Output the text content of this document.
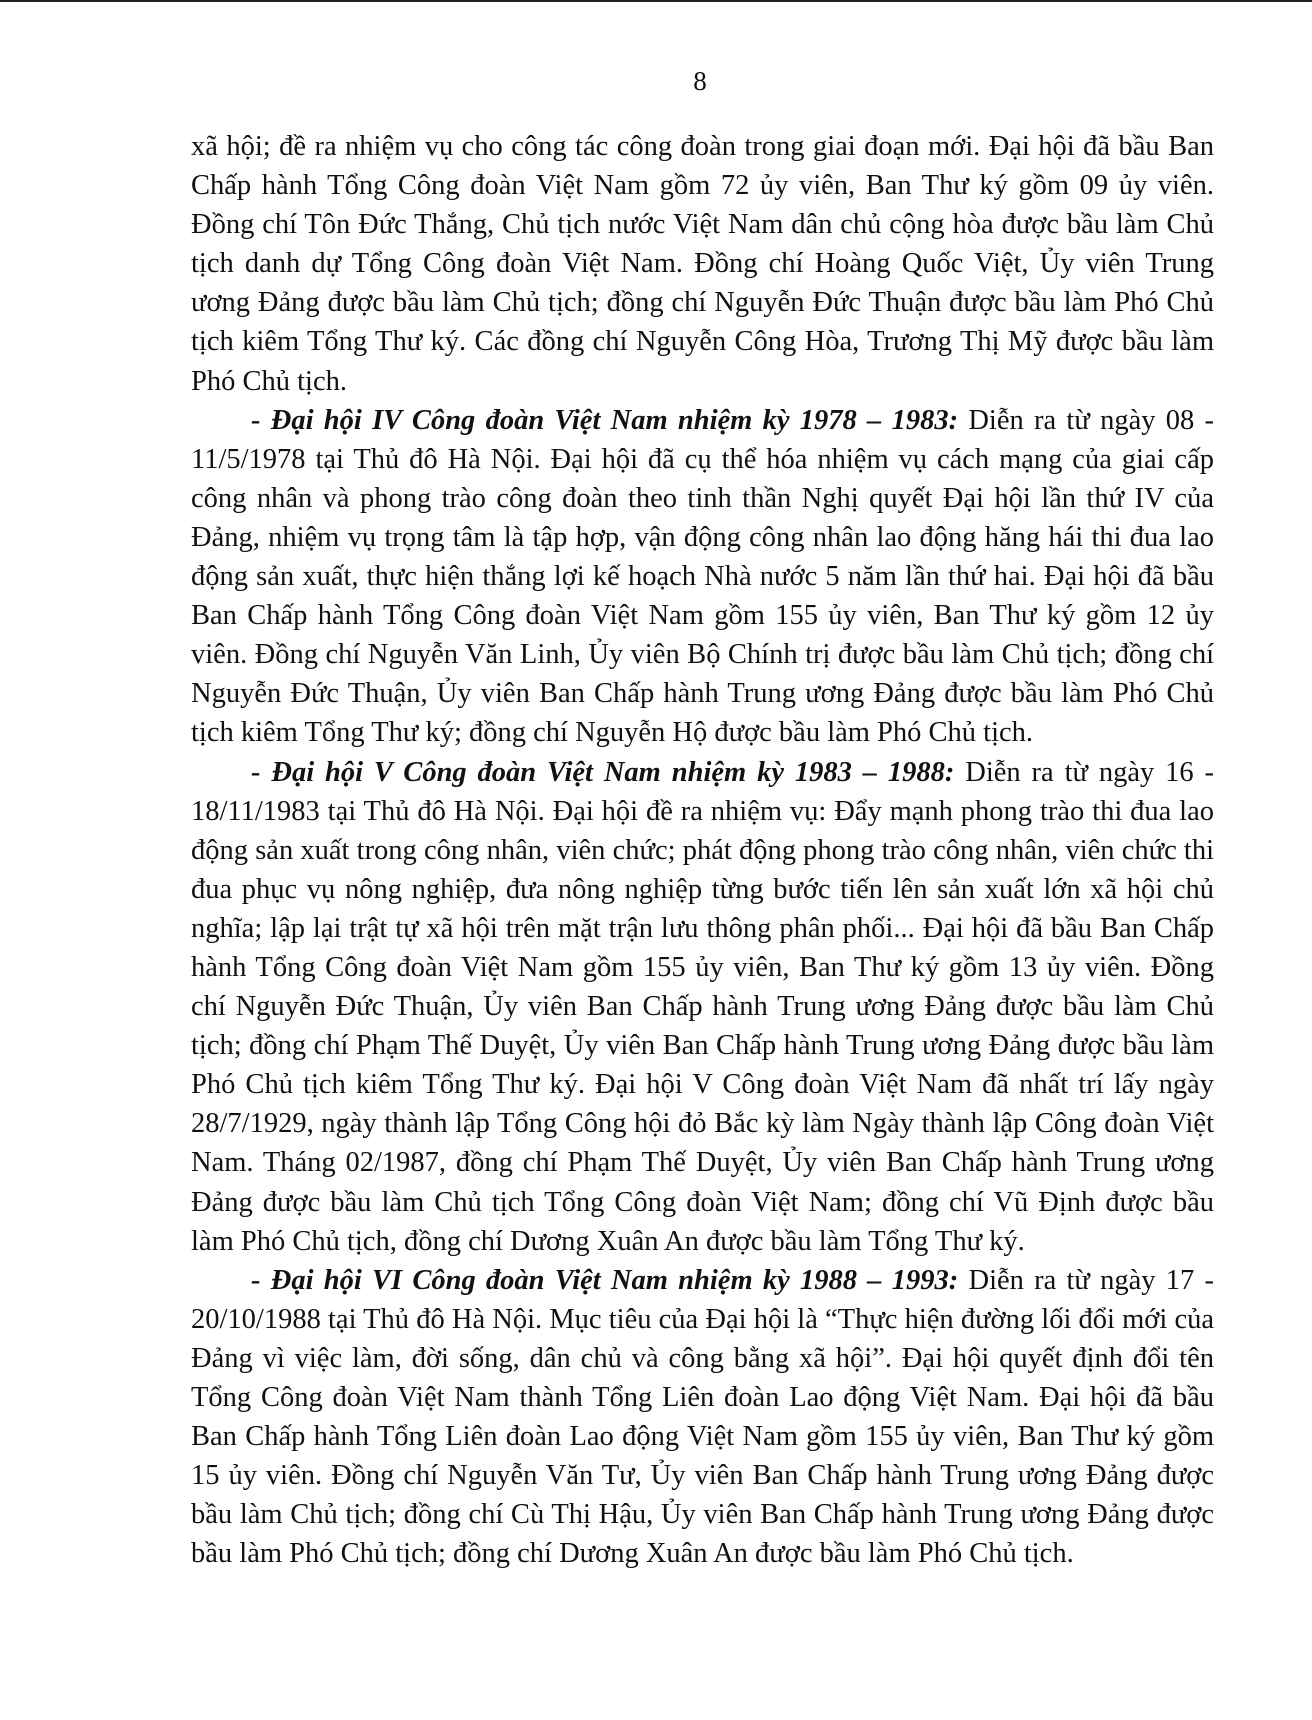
8

xã hội; đề ra nhiệm vụ cho công tác công đoàn trong giai đoạn mới. Đại hội đã bầu Ban Chấp hành Tổng Công đoàn Việt Nam gồm 72 ủy viên, Ban Thư ký gồm 09 ủy viên. Đồng chí Tôn Đức Thắng, Chủ tịch nước Việt Nam dân chủ cộng hòa được bầu làm Chủ tịch danh dự Tổng Công đoàn Việt Nam. Đồng chí Hoàng Quốc Việt, Ủy viên Trung ương Đảng được bầu làm Chủ tịch; đồng chí Nguyễn Đức Thuận được bầu làm Phó Chủ tịch kiêm Tổng Thư ký. Các đồng chí Nguyễn Công Hòa, Trương Thị Mỹ được bầu làm Phó Chủ tịch.

- Đại hội IV Công đoàn Việt Nam nhiệm kỳ 1978 – 1983: Diễn ra từ ngày 08 - 11/5/1978 tại Thủ đô Hà Nội. Đại hội đã cụ thể hóa nhiệm vụ cách mạng của giai cấp công nhân và phong trào công đoàn theo tinh thần Nghị quyết Đại hội lần thứ IV của Đảng, nhiệm vụ trọng tâm là tập hợp, vận động công nhân lao động hăng hái thi đua lao động sản xuất, thực hiện thắng lợi kế hoạch Nhà nước 5 năm lần thứ hai. Đại hội đã bầu Ban Chấp hành Tổng Công đoàn Việt Nam gồm 155 ủy viên, Ban Thư ký gồm 12 ủy viên. Đồng chí Nguyễn Văn Linh, Ủy viên Bộ Chính trị được bầu làm Chủ tịch; đồng chí Nguyễn Đức Thuận, Ủy viên Ban Chấp hành Trung ương Đảng được bầu làm Phó Chủ tịch kiêm Tổng Thư ký; đồng chí Nguyễn Hộ được bầu làm Phó Chủ tịch.

- Đại hội V Công đoàn Việt Nam nhiệm kỳ 1983 – 1988: Diễn ra từ ngày 16 - 18/11/1983 tại Thủ đô Hà Nội. Đại hội đề ra nhiệm vụ: Đẩy mạnh phong trào thi đua lao động sản xuất trong công nhân, viên chức; phát động phong trào công nhân, viên chức thi đua phục vụ nông nghiệp, đưa nông nghiệp từng bước tiến lên sản xuất lớn xã hội chủ nghĩa; lập lại trật tự xã hội trên mặt trận lưu thông phân phối... Đại hội đã bầu Ban Chấp hành Tổng Công đoàn Việt Nam gồm 155 ủy viên, Ban Thư ký gồm 13 ủy viên. Đồng chí Nguyễn Đức Thuận, Ủy viên Ban Chấp hành Trung ương Đảng được bầu làm Chủ tịch; đồng chí Phạm Thế Duyệt, Ủy viên Ban Chấp hành Trung ương Đảng được bầu làm Phó Chủ tịch kiêm Tổng Thư ký. Đại hội V Công đoàn Việt Nam đã nhất trí lấy ngày 28/7/1929, ngày thành lập Tổng Công hội đỏ Bắc kỳ làm Ngày thành lập Công đoàn Việt Nam. Tháng 02/1987, đồng chí Phạm Thế Duyệt, Ủy viên Ban Chấp hành Trung ương Đảng được bầu làm Chủ tịch Tổng Công đoàn Việt Nam; đồng chí Vũ Định được bầu làm Phó Chủ tịch, đồng chí Dương Xuân An được bầu làm Tổng Thư ký.

- Đại hội VI Công đoàn Việt Nam nhiệm kỳ 1988 – 1993: Diễn ra từ ngày 17 - 20/10/1988 tại Thủ đô Hà Nội. Mục tiêu của Đại hội là “Thực hiện đường lối đổi mới của Đảng vì việc làm, đời sống, dân chủ và công bằng xã hội”. Đại hội quyết định đổi tên Tổng Công đoàn Việt Nam thành Tổng Liên đoàn Lao động Việt Nam. Đại hội đã bầu Ban Chấp hành Tổng Liên đoàn Lao động Việt Nam gồm 155 ủy viên, Ban Thư ký gồm 15 ủy viên. Đồng chí Nguyễn Văn Tư, Ủy viên Ban Chấp hành Trung ương Đảng được bầu làm Chủ tịch; đồng chí Cù Thị Hậu, Ủy viên Ban Chấp hành Trung ương Đảng được bầu làm Phó Chủ tịch; đồng chí Dương Xuân An được bầu làm Phó Chủ tịch.
